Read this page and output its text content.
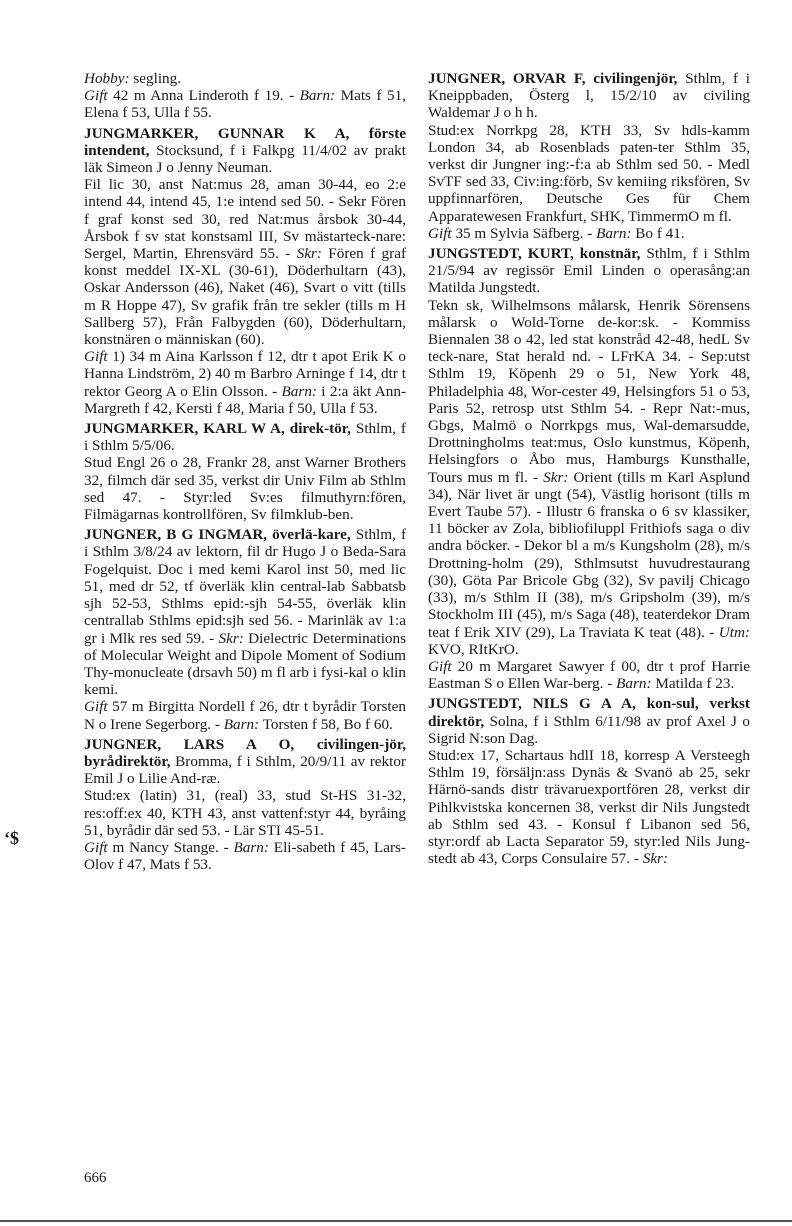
Hobby: segling.

Gift 42 m Anna Linderoth f 19. - Barn: Mats f 51, Elena f 53, Ulla f 55.

JUNGMARKER, GUNNAR K A, förste intendent, Stocksund, f i Falkpg 11/4/02 av prakt läk Simeon J o Jenny Neuman.

Fil lic 30, anst Nat:mus 28, aman 30-44, eo 2:e intend 44, intend 45, 1:e intend sed 50. - Sekr Fören f graf konst sed 30, red Nat:mus årsbok 30-44, Årsbok f sv stat konstsaml III, Sv mästarteck-nare: Sergel, Martin, Ehrensvärd 55. - Skr: Fören f graf konst meddel IX-XL (30-61), Döderhultarn (43), Oskar Andersson (46), Naket (46), Svart o vitt (tills m R Hoppe 47), Sv grafik från tre sekler (tills m H Sallberg 57), Från Falbygden (60), Döderhultarn, konstnären o människan (60).

Gift 1) 34 m Aina Karlsson f 12, dtr t apot Erik K o Hanna Lindström, 2) 40 m Barbro Arninge f 14, dtr t rektor Georg A o Elin Olsson. - Barn: i 2:a äkt Ann-Margreth f 42, Kersti f 48, Maria f 50, Ulla f 53.

JUNGMARKER, KARL W A, direk-tör, Sthlm, f i Sthlm 5/5/06.

Stud Engl 26 o 28, Frankr 28, anst Warner Brothers 32, filmch där sed 35, verkst dir Univ Film ab Sthlm sed 47. - Styr:led Sv:es filmuthyrn:fören, Filmägarnas kontrollfören, Sv filmklub-ben.

JUNGNER, B G INGMAR, överlä-kare, Sthlm, f i Sthlm 3/8/24 av lektorn, fil dr Hugo J o Beda-Sara Fogelquist. Doc i med kemi Karol inst 50, med lic 51, med dr 52, tf överläk klin central-lab Sabbatsb sjh 52-53, Sthlms epid:-sjh 54-55, överläk klin centrallab Sthlms epid:sjh sed 56. - Marinläk av 1:a gr i Mlk res sed 59. - Skr: Dielectric Determinations of Molecular Weight and Dipole Moment of Sodium Thy-monucleate (drsavh 50) m fl arb i fysi-kal o klin kemi.

Gift 57 m Birgitta Nordell f 26, dtr t byrådir Torsten N o Irene Segerborg. - Barn: Torsten f 58, Bo f 60.

JUNGNER, LARS A O, civilingen-jör, byrådirektör, Bromma, f i Sthlm, 20/9/11 av rektor Emil J o Lilie And-ræ.

Stud:ex (latin) 31, (real) 33, stud St-HS 31-32, res:off:ex 40, KTH 43, anst vattenf:styr 44, byråing 51, byrådir där sed 53. - Lär STI 45-51.

Gift m Nancy Stange. - Barn: Eli-sabeth f 45, Lars-Olov f 47, Mats f 53.

JUNGNER, ORVAR F, civilingenjör, Sthlm, f i Kneippbaden, Österg l, 15/2/10 av civiling Waldemar J o h h.

Stud:ex Norrkpg 28, KTH 33, Sv hdls-kamm London 34, ab Rosenblads paten-ter Sthlm 35, verkst dir Jungner ing:-f:a ab Sthlm sed 50. - Medl SvTF sed 33, Civ:ing:förb, Sv kemiing riksfören, Sv uppfinnarfören, Deutsche Ges für Chem Apparatewesen Frankfurt, SHK, TimmermO m fl.

Gift 35 m Sylvia Säfberg. - Barn: Bo f 41.

JUNGSTEDT, KURT, konstnär, Sthlm, f i Sthlm 21/5/94 av regissör Emil Linden o operasång:an Matilda Jungstedt.

Tekn sk, Wilhelmsons målarsk, Henrik Sörensens målarsk o Wold-Torne de-kor:sk. - Kommiss Biennalen 38 o 42, led stat konstråd 42-48, hedL Sv teck-nare, Stat herald nd. - LFrKA 34. - Sep:utst Sthlm 19, Köpenh 29 o 51, New York 48, Philadelphia 48, Wor-cester 49, Helsingfors 51 o 53, Paris 52, retrosp utst Sthlm 54. - Repr Nat:-mus, Gbgs, Malmö o Norrkpgs mus, Wal-demarsudde, Drottningholms teat:mus, Oslo kunstmus, Köpenh, Helsingfors o Åbo mus, Hamburgs Kunsthalle, Tours mus m fl. - Skr: Orient (tills m Karl Asplund 34), När livet är ungt (54), Västlig horisont (tills m Evert Taube 57). - Illustr 6 franska o 6 sv klassiker, 11 böcker av Zola, bibliofiluppl Frithiofs saga o div andra böcker. - Dekor bl a m/s Kungsholm (28), m/s Drottning-holm (29), Sthlmsutst huvudrestaurang (30), Göta Par Bricole Gbg (32), Sv pavilj Chicago (33), m/s Sthlm II (38), m/s Gripsholm (39), m/s Stockholm III (45), m/s Saga (48), teaterdekor Dram teat f Erik XIV (29), La Traviata K teat (48). - Utm: KVO, RItKrO.

Gift 20 m Margaret Sawyer f 00, dtr t prof Harrie Eastman S o Ellen War-berg. - Barn: Matilda f 23.

JUNGSTEDT, NILS G A A, kon-sul, verkst direktör, Solna, f i Sthlm 6/11/98 av prof Axel J o Sigrid N:son Dag.

Stud:ex 17, Schartaus hdlI 18, korresp A Versteegh Sthlm 19, försäljn:ass Dynäs & Svanö ab 25, sekr Härnö-sands distr trävaruexportfören 28, verkst dir Pihlkvistska koncernen 38, verkst dir Nils Jungstedt ab Sthlm sed 43. - Konsul f Libanon sed 56, styr:ordf ab Lacta Separator 59, styr:led Nils Jung-stedt ab 43, Corps Consulaire 57. - Skr:

ʻ$
666
